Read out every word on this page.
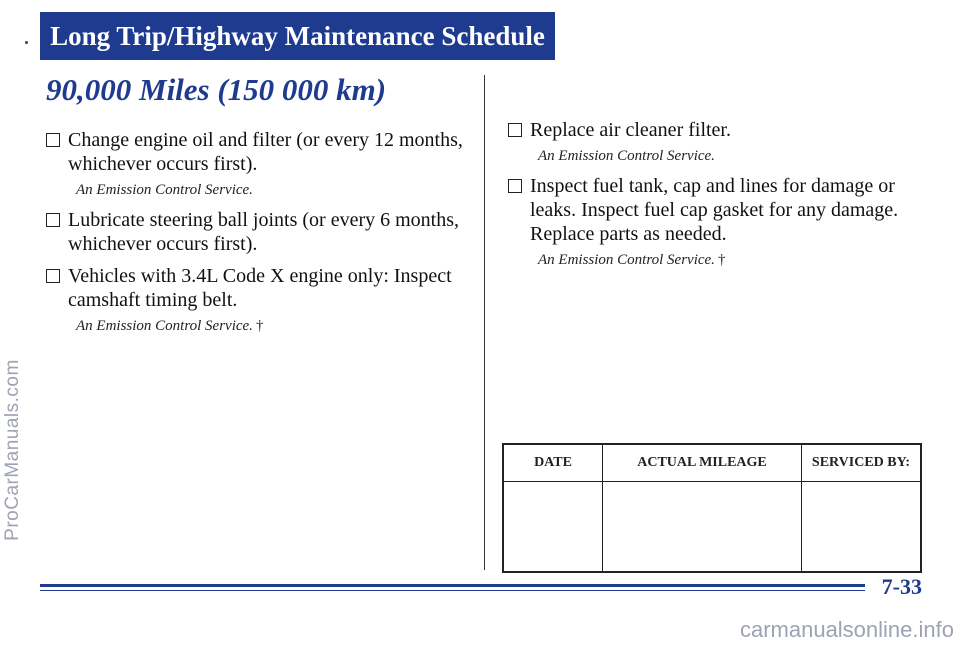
ProCarManuals.com
Long Trip/Highway Maintenance Schedule
90,000 Miles (150 000 km)
Change engine oil and filter (or every 12 months, whichever occurs first).
An Emission Control Service.
Lubricate steering ball joints (or every 6 months, whichever occurs first).
Vehicles with 3.4L Code X engine only: Inspect camshaft timing belt.
An Emission Control Service. †
Replace air cleaner filter.
An Emission Control Service.
Inspect fuel tank, cap and lines for damage or leaks. Inspect fuel cap gasket for any damage. Replace parts as needed.
An Emission Control Service. †
DATE	ACTUAL MILEAGE	SERVICED BY:

7-33
carmanualsonline.info
